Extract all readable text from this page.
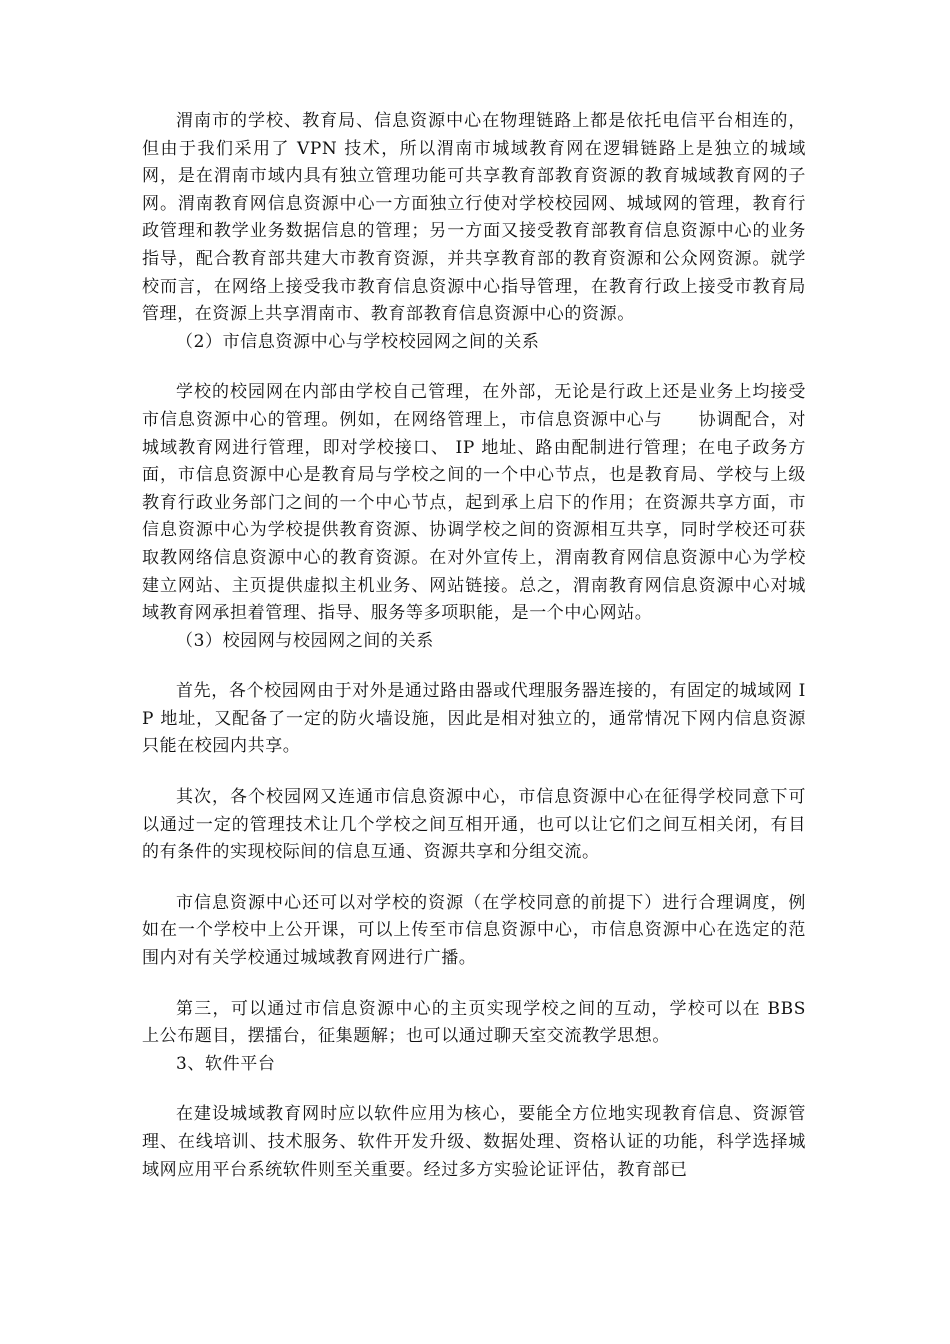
渭南市的学校、教育局、信息资源中心在物理链路上都是依托电信平台相连的，但由于我们采用了 VPN 技术，所以渭南市城域教育网在逻辑链路上是独立的城域网，是在渭南市域内具有独立管理功能可共享教育部教育资源的教育城域教育网的子网。渭南教育网信息资源中心一方面独立行使对学校校园网、城域网的管理，教育行政管理和教学业务数据信息的管理；另一方面又接受教育部教育信息资源中心的业务指导，配合教育部共建大市教育资源，并共享教育部的教育资源和公众网资源。就学校而言，在网络上接受我市教育信息资源中心指导管理，在教育行政上接受市教育局管理，在资源上共享渭南市、教育部教育信息资源中心的资源。

（2）市信息资源中心与学校校园网之间的关系

学校的校园网在内部由学校自己管理，在外部，无论是行政上还是业务上均接受市信息资源中心的管理。例如，在网络管理上，市信息资源中心与　　协调配合，对城域教育网进行管理，即对学校接口、 IP 地址、路由配制进行管理；在电子政务方面，市信息资源中心是教育局与学校之间的一个中心节点，也是教育局、学校与上级教育行政业务部门之间的一个中心节点，起到承上启下的作用；在资源共享方面，市信息资源中心为学校提供教育资源、协调学校之间的资源相互共享，同时学校还可获取教网络信息资源中心的教育资源。在对外宣传上，渭南教育网信息资源中心为学校建立网站、主页提供虚拟主机业务、网站链接。总之，渭南教育网信息资源中心对城域教育网承担着管理、指导、服务等多项职能，是一个中心网站。

（3）校园网与校园网之间的关系

首先，各个校园网由于对外是通过路由器或代理服务器连接的，有固定的城域网 IP 地址，又配备了一定的防火墙设施，因此是相对独立的，通常情况下网内信息资源只能在校园内共享。

其次，各个校园网又连通市信息资源中心，市信息资源中心在征得学校同意下可以通过一定的管理技术让几个学校之间互相开通，也可以让它们之间互相关闭，有目的有条件的实现校际间的信息互通、资源共享和分组交流。

市信息资源中心还可以对学校的资源（在学校同意的前提下）进行合理调度，例如在一个学校中上公开课，可以上传至市信息资源中心，市信息资源中心在选定的范围内对有关学校通过城域教育网进行广播。

第三，可以通过市信息资源中心的主页实现学校之间的互动，学校可以在 BBS 上公布题目，摆擂台，征集题解；也可以通过聊天室交流教学思想。

3、软件平台

在建设城域教育网时应以软件应用为核心，要能全方位地实现教育信息、资源管理、在线培训、技术服务、软件开发升级、数据处理、资格认证的功能，科学选择城域网应用平台系统软件则至关重要。经过多方实验论证评估，教育部已
